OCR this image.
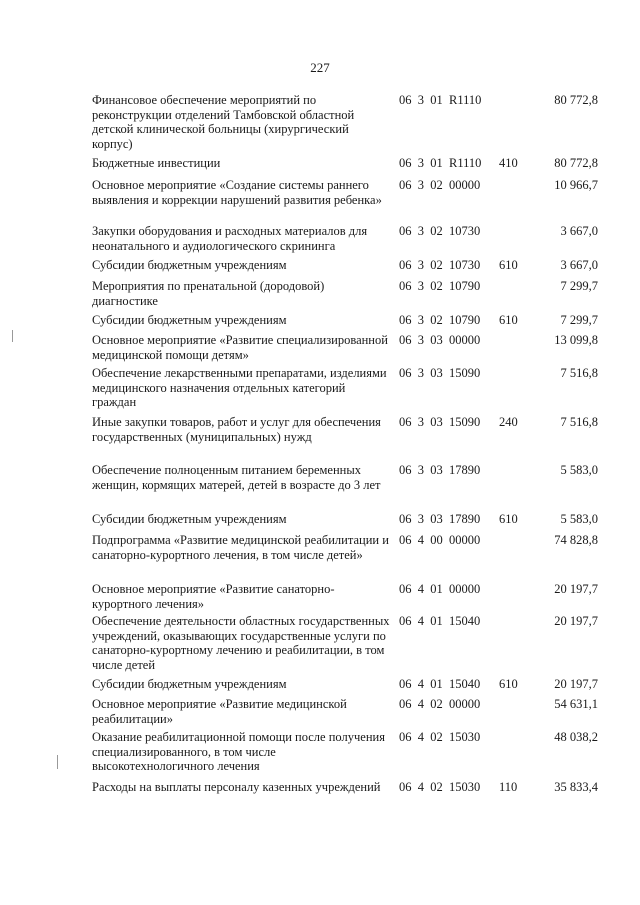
227
Финансовое обеспечение мероприятий по реконструкции отделений Тамбовской областной детской клинической больницы (хирургический корпус)
06  3  01  R1110	80 772,8
Бюджетные инвестиции	06  3  01  R1110 410	80 772,8
Основное мероприятие «Создание системы раннего выявления и коррекции нарушений развития ребенка»
06  3  02  00000	10 966,7
Закупки оборудования и расходных материалов для неонатального и аудиологического скрининга
06  3  02  10730	3 667,0
Субсидии бюджетным учреждениям	06  3  02  10730 610	3 667,0
Мероприятия по пренатальной (дородовой) диагностике
06  3  02  10790	7 299,7
Субсидии бюджетным учреждениям	06  3  02  10790 610	7 299,7
Основное мероприятие «Развитие специализированной медицинской помощи детям»
06  3  03  00000	13 099,8
Обеспечение лекарственными препаратами, изделиями медицинского назначения отдельных категорий граждан
06  3  03  15090	7 516,8
Иные закупки товаров, работ и услуг для обеспечения государственных (муниципальных) нужд
06  3  03  15090 240	7 516,8
Обеспечение полноценным питанием беременных женщин, кормящих матерей, детей в возрасте до 3 лет
06  3  03  17890	5 583,0
Субсидии бюджетным учреждениям	06  3  03  17890 610	5 583,0
Подпрограмма «Развитие медицинской реабилитации и санаторно-курортного лечения, в том числе детей»
06  4  00  00000	74 828,8
Основное мероприятие «Развитие санаторно-курортного лечения»
06  4  01  00000	20 197,7
Обеспечение деятельности областных государственных учреждений, оказывающих государственные услуги по санаторно-курортному лечению и реабилитации, в том числе детей
06  4  01  15040	20 197,7
Субсидии бюджетным учреждениям	06  4  01  15040 610	20 197,7
Основное мероприятие «Развитие медицинской реабилитации»
06  4  02  00000	54 631,1
Оказание реабилитационной помощи после получения специализированного, в том числе высокотехнологичного лечения
06  4  02  15030	48 038,2
Расходы на выплаты персоналу казенных учреждений	06  4  02  15030 110	35 833,4
